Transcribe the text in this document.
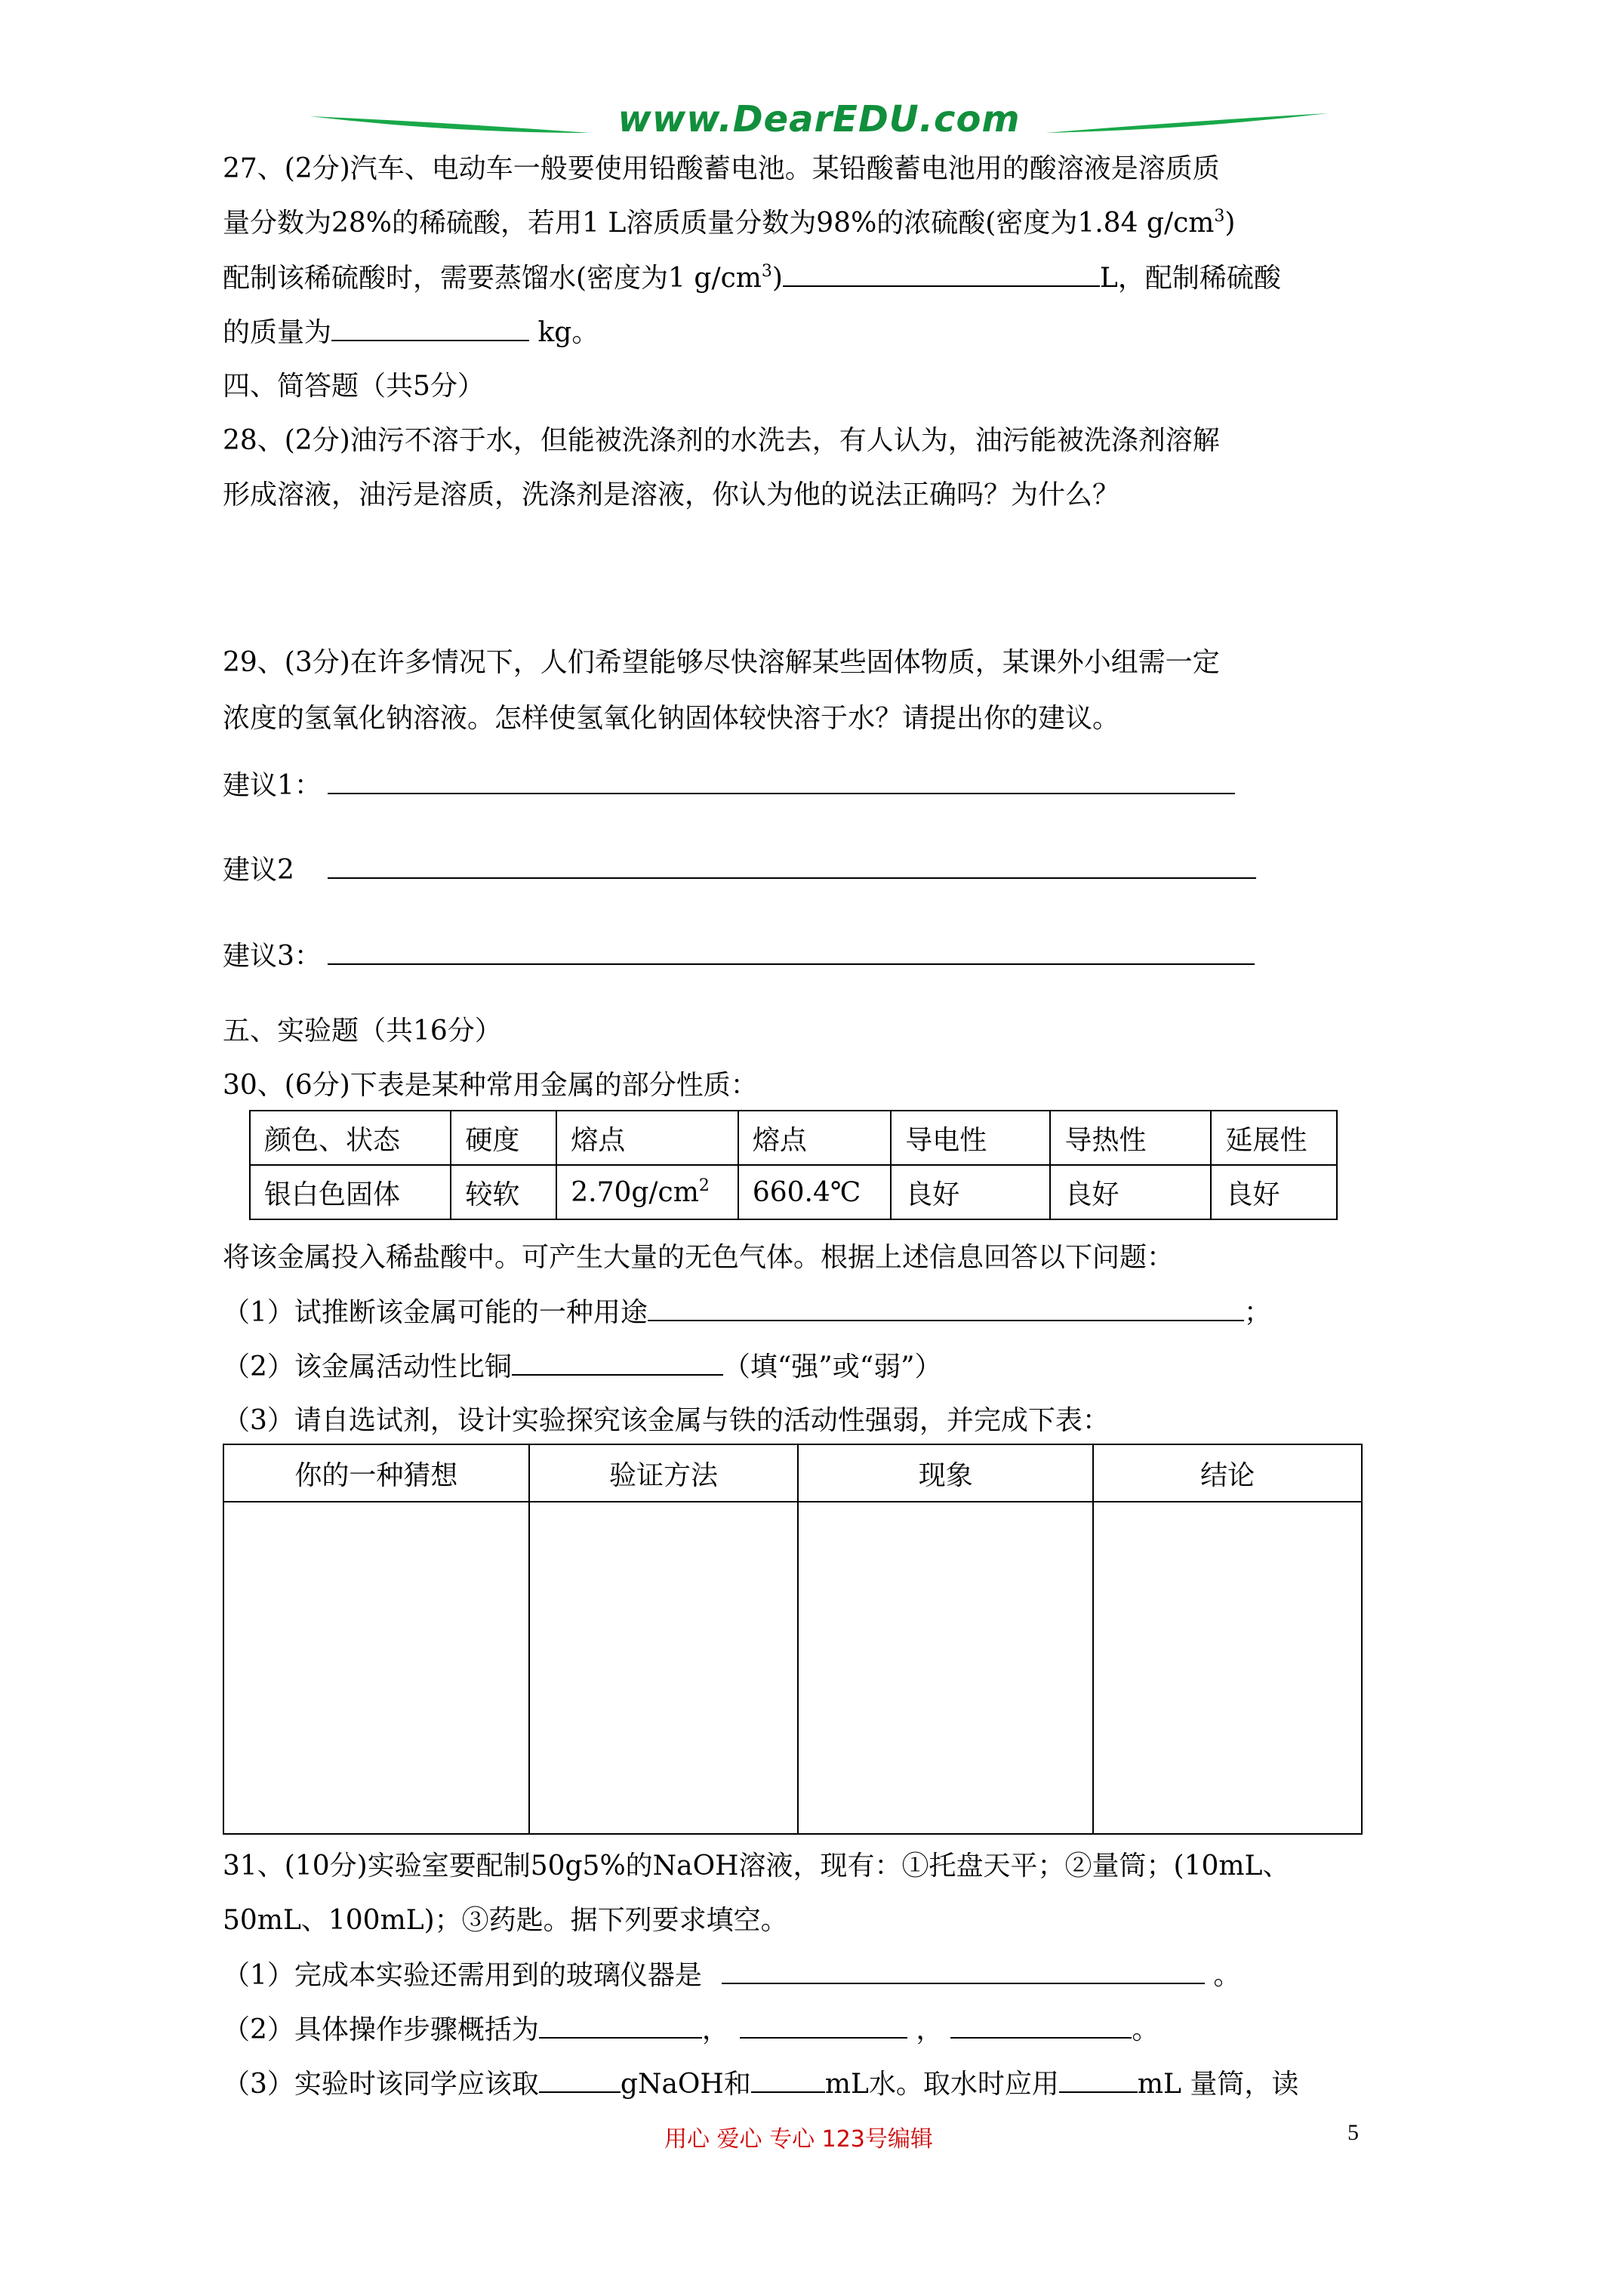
www.DearEDU.com
27、(2分)汽车、电动车一般要使用铅酸蓄电池。某铅酸蓄电池用的酸溶液是溶质质
量分数为28%的稀硫酸，若用1 L溶质质量分数为98%的浓硫酸(密度为1.84 $g/cm^3$)
配制该稀硫酸时，需要蒸馏水(密度为1 $g/cm^3$)	L，配制稀硫酸
的质量为	kg。
四、简答题（共5分）
28、(2分)油污不溶于水，但能被洗涤剂的水洗去，有人认为，油污能被洗涤剂溶解
形成溶液，油污是溶质，洗涤剂是溶液，你认为他的说法正确吗？为什么？
29、(3分)在许多情况下，人们希望能够尽快溶解某些固体物质，某课外小组需一定
浓度的氢氧化钠溶液。怎样使氢氧化钠固体较快溶于水？请提出你的建议。
建议1：
建议2
建议3：
五、实验题（共16分）
30、(6分)下表是某种常用金属的部分性质：
颜色、状态	硬度	熔点	熔点	导电性	导热性	延展性
银白色固体	较软	$2.70g/cm^2$	660.4℃	良好	良好	良好
将该金属投入稀盐酸中。可产生大量的无色气体。根据上述信息回答以下问题：
（1）试推断该金属可能的一种用途	；
（2）该金属活动性比铜	（填“强”或“弱”）
（3）请自选试剂，设计实验探究该金属与铁的活动性强弱，并完成下表：
你的一种猜想	验证方法	现象	结论

31、(10分)实验室要配制50g5%的NaOH溶液，现有：①托盘天平；②量筒；(10mL、
50mL、100mL)；③药匙。据下列要求填空。
（1）完成本实验还需用到的玻璃仪器是	。
（2）具体操作步骤概括为	，	，	。
（3）实验时该同学应该取	gNaOH和	mL水。取水时应用	mL 量筒，读
用心 爱心 专心 123号编辑	5
